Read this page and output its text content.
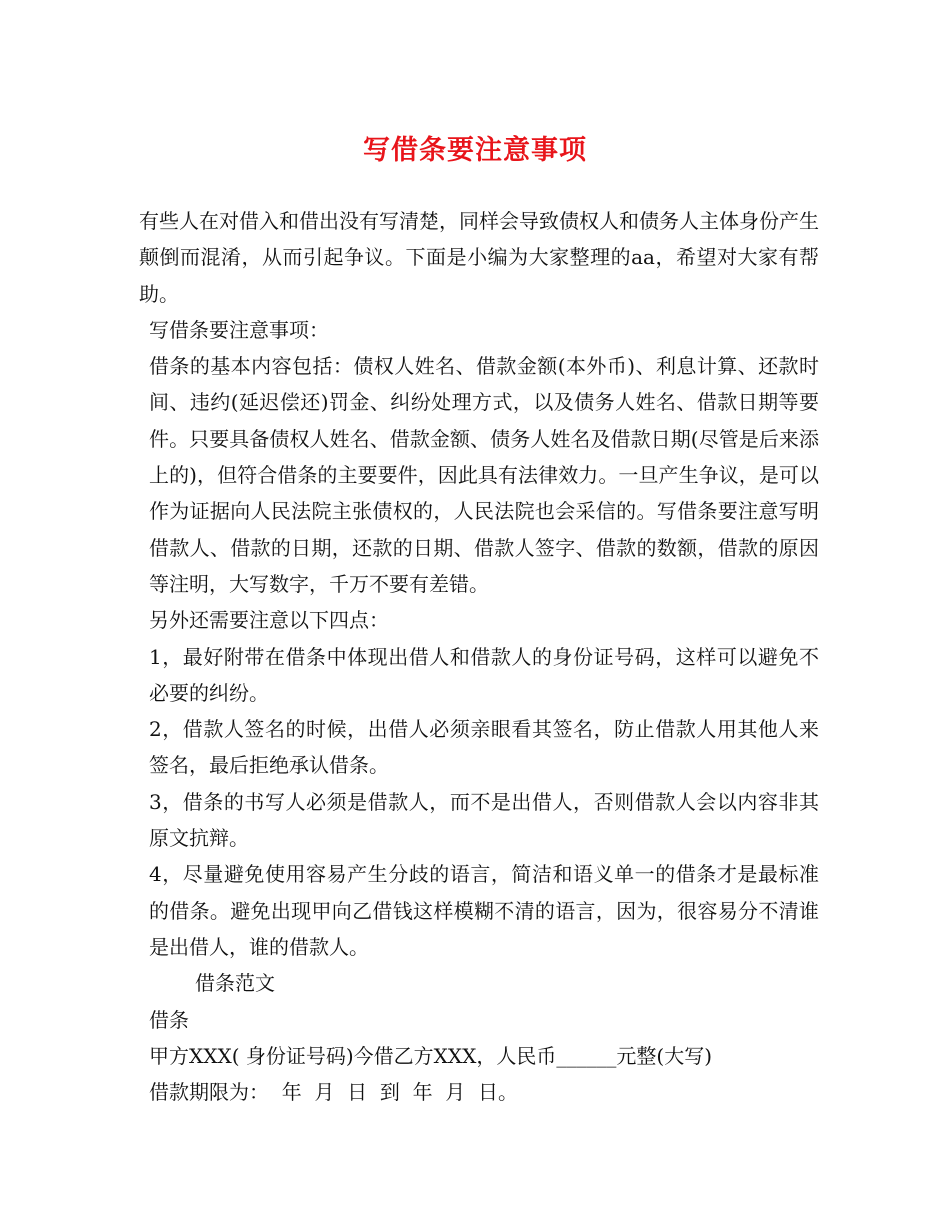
写借条要注意事项

有些人在对借入和借出没有写清楚，同样会导致债权人和债务人主体身份产生颠倒而混淆，从而引起争议。下面是小编为大家整理的aa，希望对大家有帮助。

写借条要注意事项：

借条的基本内容包括：债权人姓名、借款金额(本外币)、利息计算、还款时间、违约(延迟偿还)罚金、纠纷处理方式，以及债务人姓名、借款日期等要件。只要具备债权人姓名、借款金额、债务人姓名及借款日期(尽管是后来添上的)，但符合借条的主要要件，因此具有法律效力。一旦产生争议，是可以作为证据向人民法院主张债权的，人民法院也会采信的。写借条要注意写明借款人、借款的日期，还款的日期、借款人签字、借款的数额，借款的原因等注明，大写数字，千万不要有差错。

另外还需要注意以下四点：

1，最好附带在借条中体现出借人和借款人的身份证号码，这样可以避免不必要的纠纷。

2，借款人签名的时候，出借人必须亲眼看其签名，防止借款人用其他人来签名，最后拒绝承认借条。

3，借条的书写人必须是借款人，而不是出借人，否则借款人会以内容非其原文抗辩。

4，尽量避免使用容易产生分歧的语言，简洁和语义单一的借条才是最标准的借条。避免出现甲向乙借钱这样模糊不清的语言，因为，很容易分不清谁是出借人，谁的借款人。

借条范文

借条

甲方XXX( 身份证号码)今借乙方XXX，人民币______元整(大写)

借款期限为：  年  月  日  到  年  月  日。
